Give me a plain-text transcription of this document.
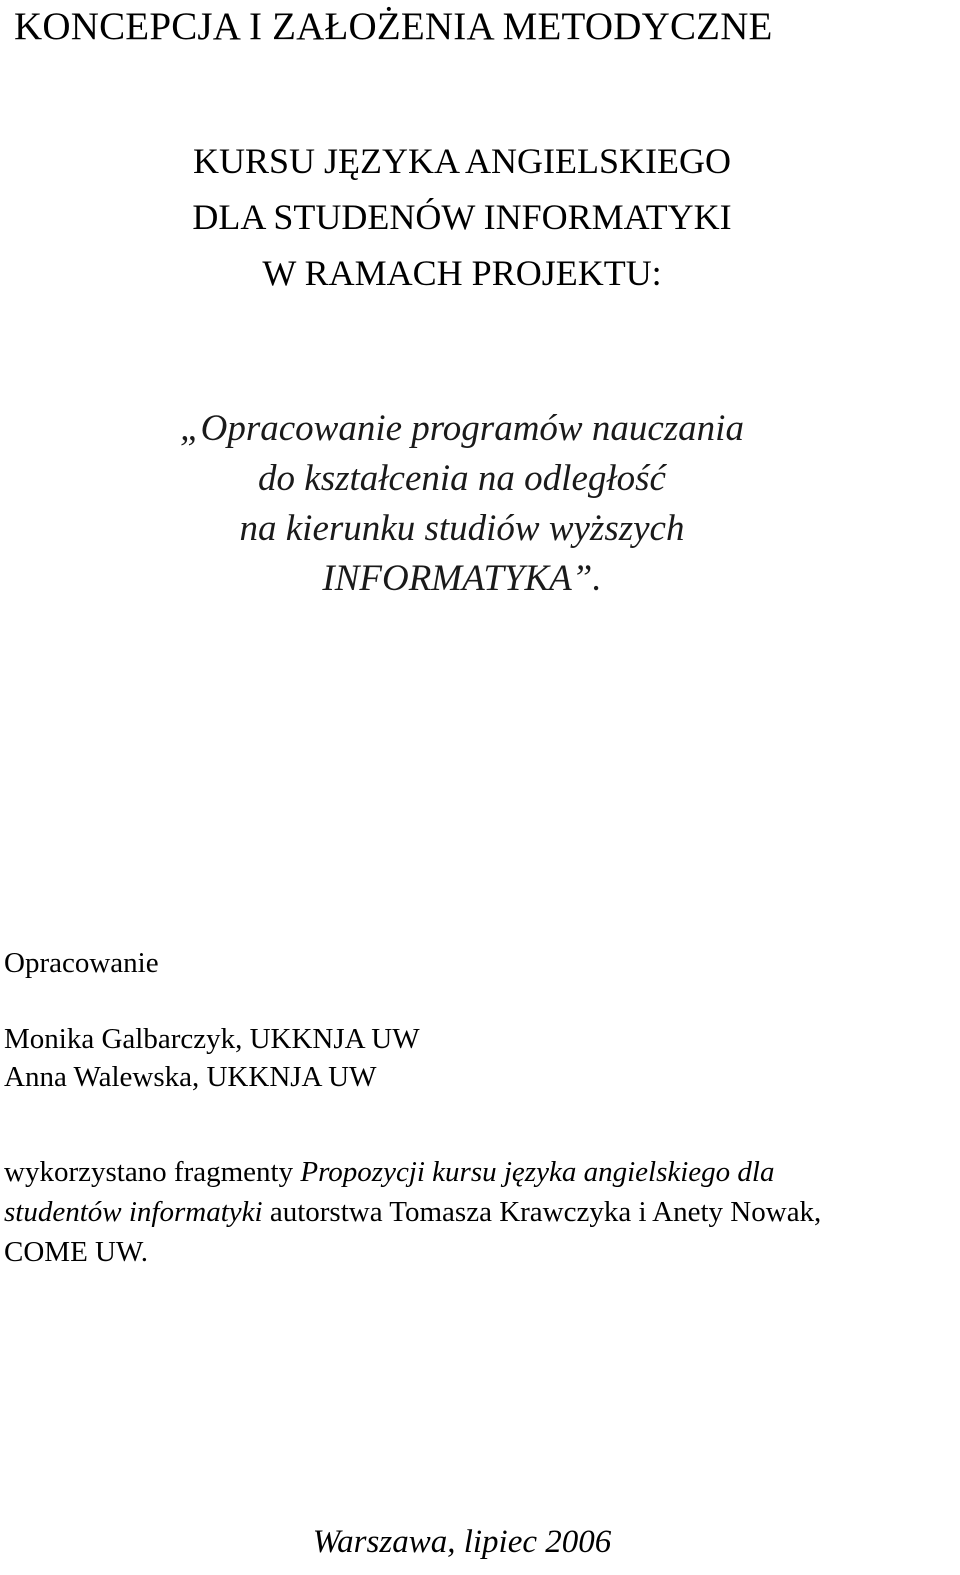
KONCEPCJA I ZAŁOŻENIA METODYCZNE
KURSU JĘZYKA ANGIELSKIEGO
DLA STUDENÓW INFORMATYKI
W RAMACH PROJEKTU:
„Opracowanie programów nauczania
do kształcenia na odległość
na kierunku studiów wyższych
INFORMATYKA”.
Opracowanie
Monika Galbarczyk, UKKNJA UW
Anna Walewska, UKKNJA UW
wykorzystano fragmenty Propozycji kursu języka angielskiego dla
studentów informatyki autorstwa Tomasza Krawczyka i Anety Nowak,
COME UW.
Warszawa, lipiec 2006
